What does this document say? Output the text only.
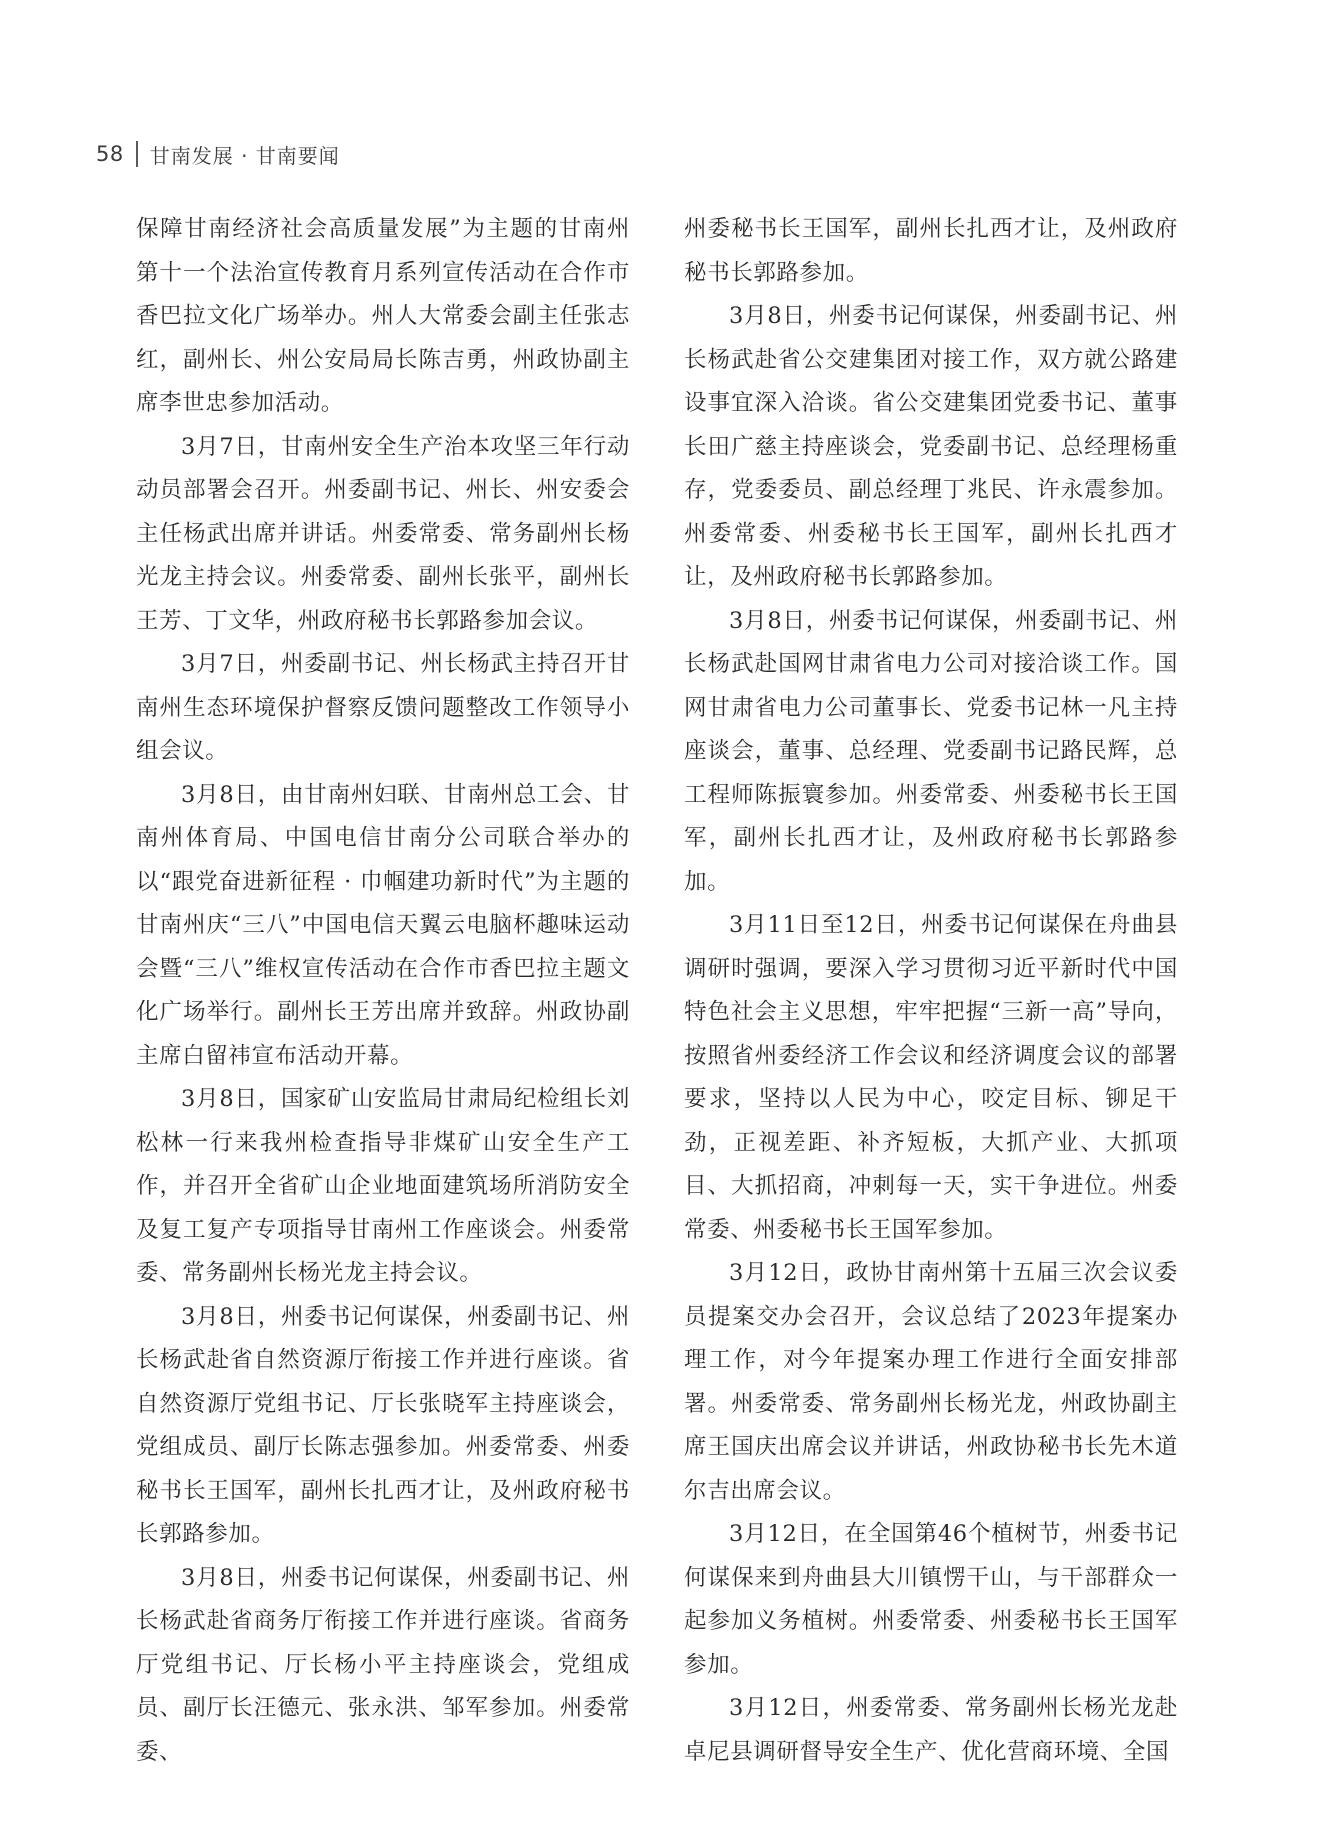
58 甘南发展 · 甘南要闻

保障甘南经济社会高质量发展”为主题的甘南州第十一个法治宣传教育月系列宣传活动在合作市香巴拉文化广场举办。州人大常委会副主任张志红，副州长、州公安局局长陈吉勇，州政协副主席李世忠参加活动。

3月7日，甘南州安全生产治本攻坚三年行动动员部署会召开。州委副书记、州长、州安委会主任杨武出席并讲话。州委常委、常务副州长杨光龙主持会议。州委常委、副州长张平，副州长王芳、丁文华，州政府秘书长郭路参加会议。

3月7日，州委副书记、州长杨武主持召开甘南州生态环境保护督察反馈问题整改工作领导小组会议。

3月8日，由甘南州妇联、甘南州总工会、甘南州体育局、中国电信甘南分公司联合举办的以“跟党奋进新征程 · 巾帼建功新时代”为主题的甘南州庆“三八”中国电信天翼云电脑杯趣味运动会暨“三八”维权宣传活动在合作市香巴拉主题文化广场举行。副州长王芳出席并致辞。州政协副主席白留祎宣布活动开幕。

3月8日，国家矿山安监局甘肃局纪检组长刘松林一行来我州检查指导非煤矿山安全生产工作，并召开全省矿山企业地面建筑场所消防安全及复工复产专项指导甘南州工作座谈会。州委常委、常务副州长杨光龙主持会议。

3月8日，州委书记何谋保，州委副书记、州长杨武赴省自然资源厅衔接工作并进行座谈。省自然资源厅党组书记、厅长张晓军主持座谈会，党组成员、副厅长陈志强参加。州委常委、州委秘书长王国军，副州长扎西才让，及州政府秘书长郭路参加。

3月8日，州委书记何谋保，州委副书记、州长杨武赴省商务厅衔接工作并进行座谈。省商务厅党组书记、厅长杨小平主持座谈会，党组成员、副厅长汪德元、张永洪、邹军参加。州委常委、

州委秘书长王国军，副州长扎西才让，及州政府秘书长郭路参加。

3月8日，州委书记何谋保，州委副书记、州长杨武赴省公交建集团对接工作，双方就公路建设事宜深入洽谈。省公交建集团党委书记、董事长田广慈主持座谈会，党委副书记、总经理杨重存，党委委员、副总经理丁兆民、许永震参加。州委常委、州委秘书长王国军，副州长扎西才让，及州政府秘书长郭路参加。

3月8日，州委书记何谋保，州委副书记、州长杨武赴国网甘肃省电力公司对接洽谈工作。国网甘肃省电力公司董事长、党委书记林一凡主持座谈会，董事、总经理、党委副书记路民辉，总工程师陈振寰参加。州委常委、州委秘书长王国军，副州长扎西才让，及州政府秘书长郭路参加。

3月11日至12日，州委书记何谋保在舟曲县调研时强调，要深入学习贯彻习近平新时代中国特色社会主义思想，牢牢把握“三新一高”导向，按照省州委经济工作会议和经济调度会议的部署要求，坚持以人民为中心，咬定目标、铆足干劲，正视差距、补齐短板，大抓产业、大抓项目、大抓招商，冲刺每一天，实干争进位。州委常委、州委秘书长王国军参加。

3月12日，政协甘南州第十五届三次会议委员提案交办会召开，会议总结了2023年提案办理工作，对今年提案办理工作进行全面安排部署。州委常委、常务副州长杨光龙，州政协副主席王国庆出席会议并讲话，州政协秘书长先木道尔吉出席会议。

3月12日，在全国第46个植树节，州委书记何谋保来到舟曲县大川镇愣干山，与干部群众一起参加义务植树。州委常委、州委秘书长王国军参加。

3月12日，州委常委、常务副州长杨光龙赴卓尼县调研督导安全生产、优化营商环境、全国
